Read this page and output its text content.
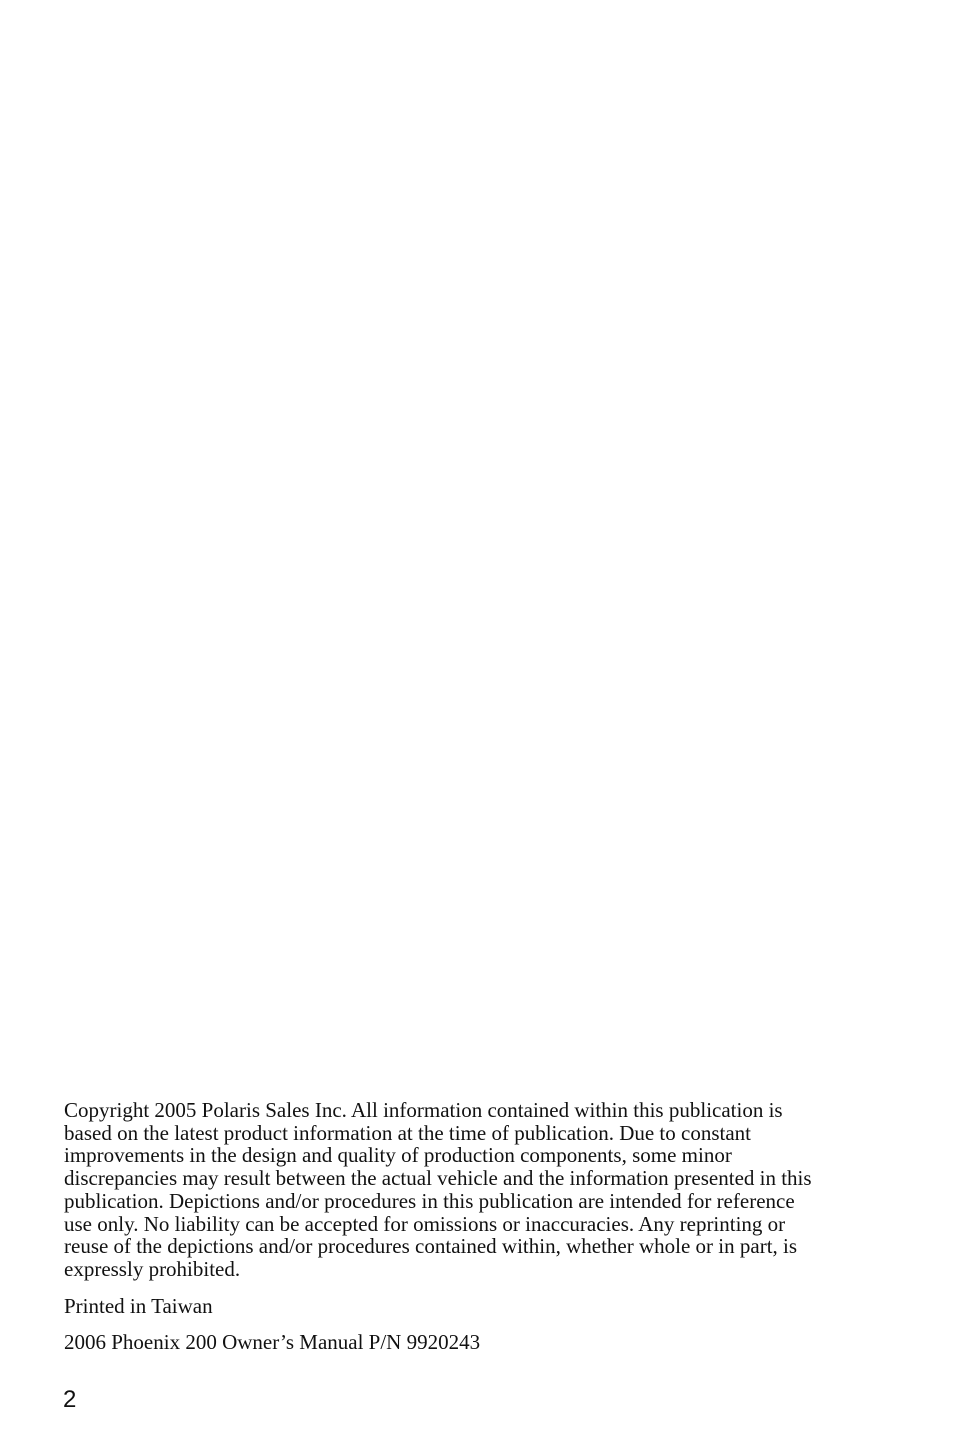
Copyright 2005 Polaris Sales Inc. All information contained within this publication is
based on the latest product information at the time of publication. Due to constant
improvements in the design and quality of production components, some minor
discrepancies may result between the actual vehicle and the information presented in this
publication. Depictions and/or procedures in this publication are intended for reference
use only. No liability can be accepted for omissions or inaccuracies. Any reprinting or
reuse of the depictions and/or procedures contained within, whether whole or in part, is
expressly prohibited.
Printed in Taiwan
2006 Phoenix 200 Owner’s Manual P/N 9920243
2
